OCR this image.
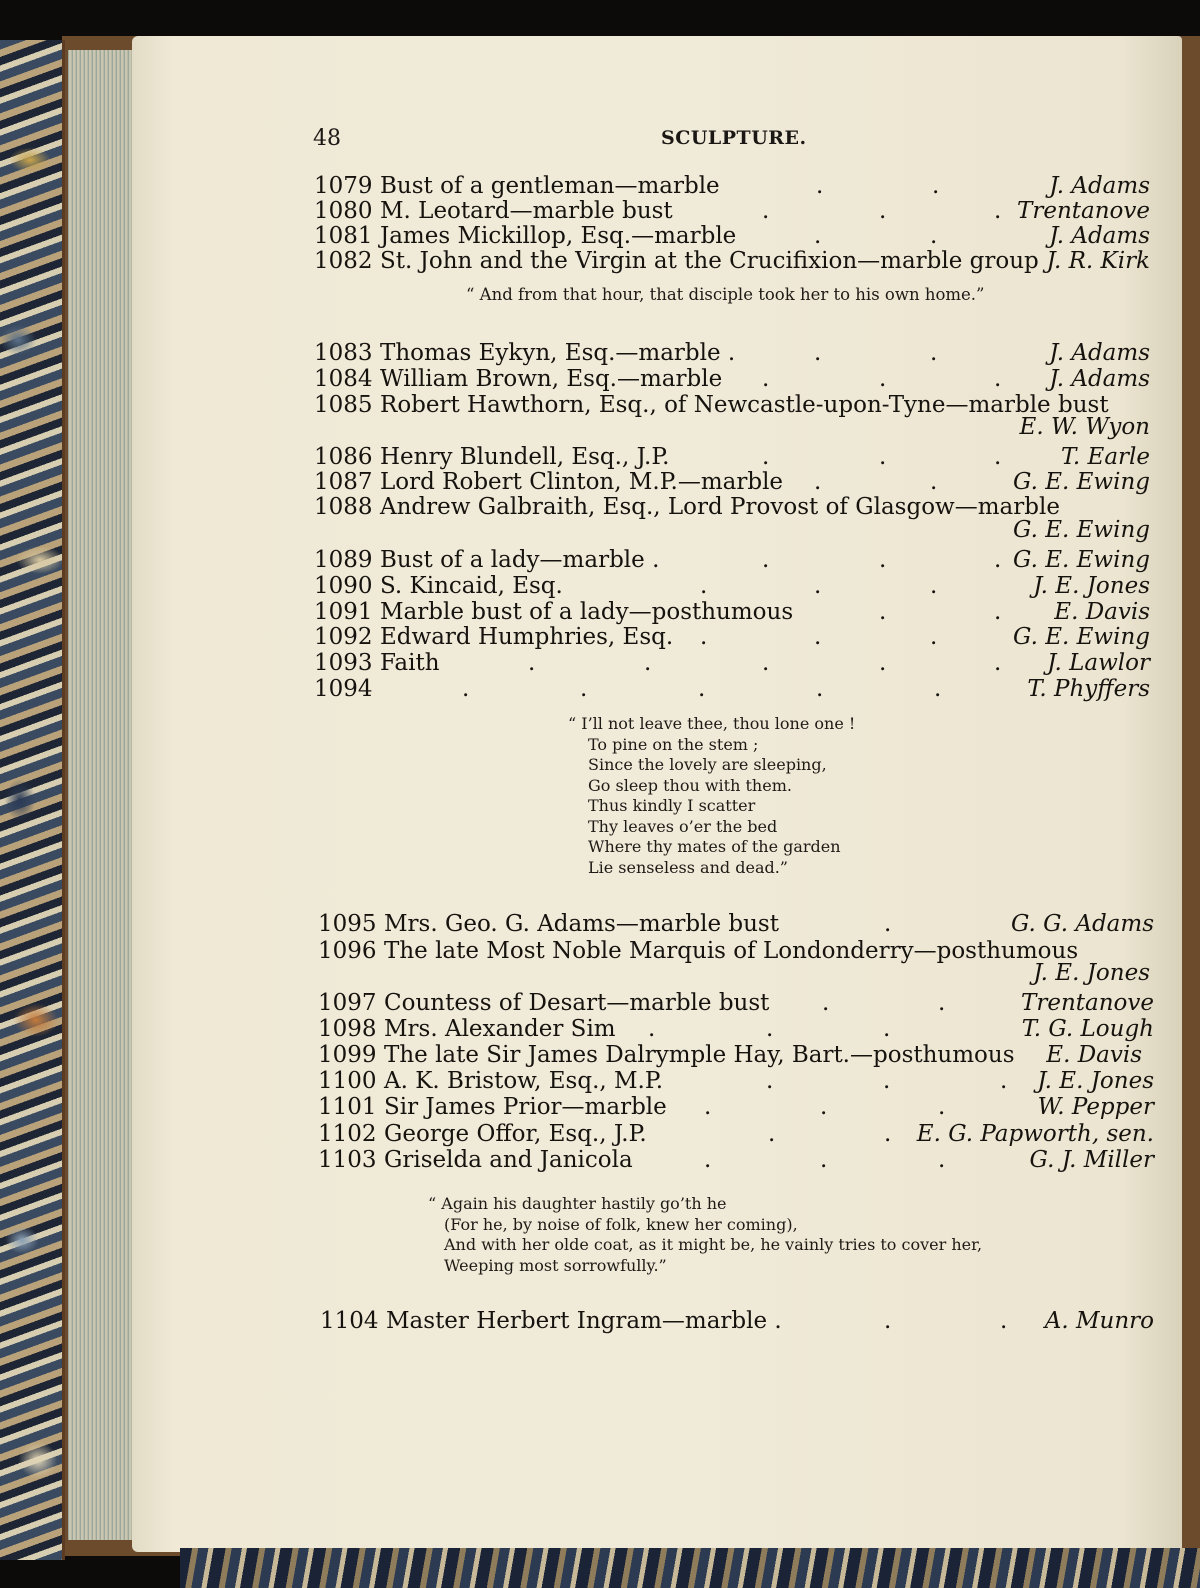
48	SCULPTURE.
1079 Bust of a gentleman—marble	.	.	J. Adams
1080 M. Leotard—marble bust	.	.	. Trentanove
1081 James Mickillop, Esq.—marble	.	.	J. Adams
1082 St. John and the Virgin at the Crucifixion—marble group J. R. Kirk
“ And from that hour, that disciple took her to his own home.”
1083 Thomas Eykyn, Esq.—marble .	.	.	J. Adams
1084 William Brown, Esq.—marble .	.	. J. Adams
1085 Robert Hawthorn, Esq., of Newcastle-upon-Tyne—marble bust
E. W. Wyon
1086 Henry Blundell, Esq., J.P.	.	.	.	T. Earle
1087 Lord Robert Clinton, M.P.—marble .	.	G. E. Ewing
1088 Andrew Galbraith, Esq., Lord Provost of Glasgow—marble
G. E. Ewing
1089 Bust of a lady—marble .	.	.	. G. E. Ewing
1090 S. Kincaid, Esq.	.	.	.	J. E. Jones
1091 Marble bust of a lady—posthumous	.	. E. Davis
1092 Edward Humphries, Esq. .	.	.	G. E. Ewing
1093 Faith	.	.	.	.	. J. Lawlor
1094	.	.	.	.	.	T. Phyffers
“ I’ll not leave thee, thou lone one !
To pine on the stem ;
Since the lovely are sleeping,
Go sleep thou with them.
Thus kindly I scatter
Thy leaves o’er the bed
Where thy mates of the garden
Lie senseless and dead.”
1095 Mrs. Geo. G. Adams—marble bust	.	G. G. Adams
1096 The late Most Noble Marquis of Londonderry—posthumous
J. E. Jones
1097 Countess of Desart—marble bust .	.	Trentanove
1098 Mrs. Alexander Sim .	.	.	T. G. Lough
1099 The late Sir James Dalrymple Hay, Bart.—posthumous E. Davis
1100 A. K. Bristow, Esq., M.P.	.	.	. J. E. Jones
1101 Sir James Prior—marble .	.	.	W. Pepper
1102 George Offor, Esq., J.P.	.	. E. G. Papworth, sen.
1103 Griselda and Janicola	.	.	.	G. J. Miller
“ Again his daughter hastily go’th he
(For he, by noise of folk, knew her coming),
And with her olde coat, as it might be, he vainly tries to cover her,
Weeping most sorrowfully.”
1104 Master Herbert Ingram—marble .	.	. A. Munro
